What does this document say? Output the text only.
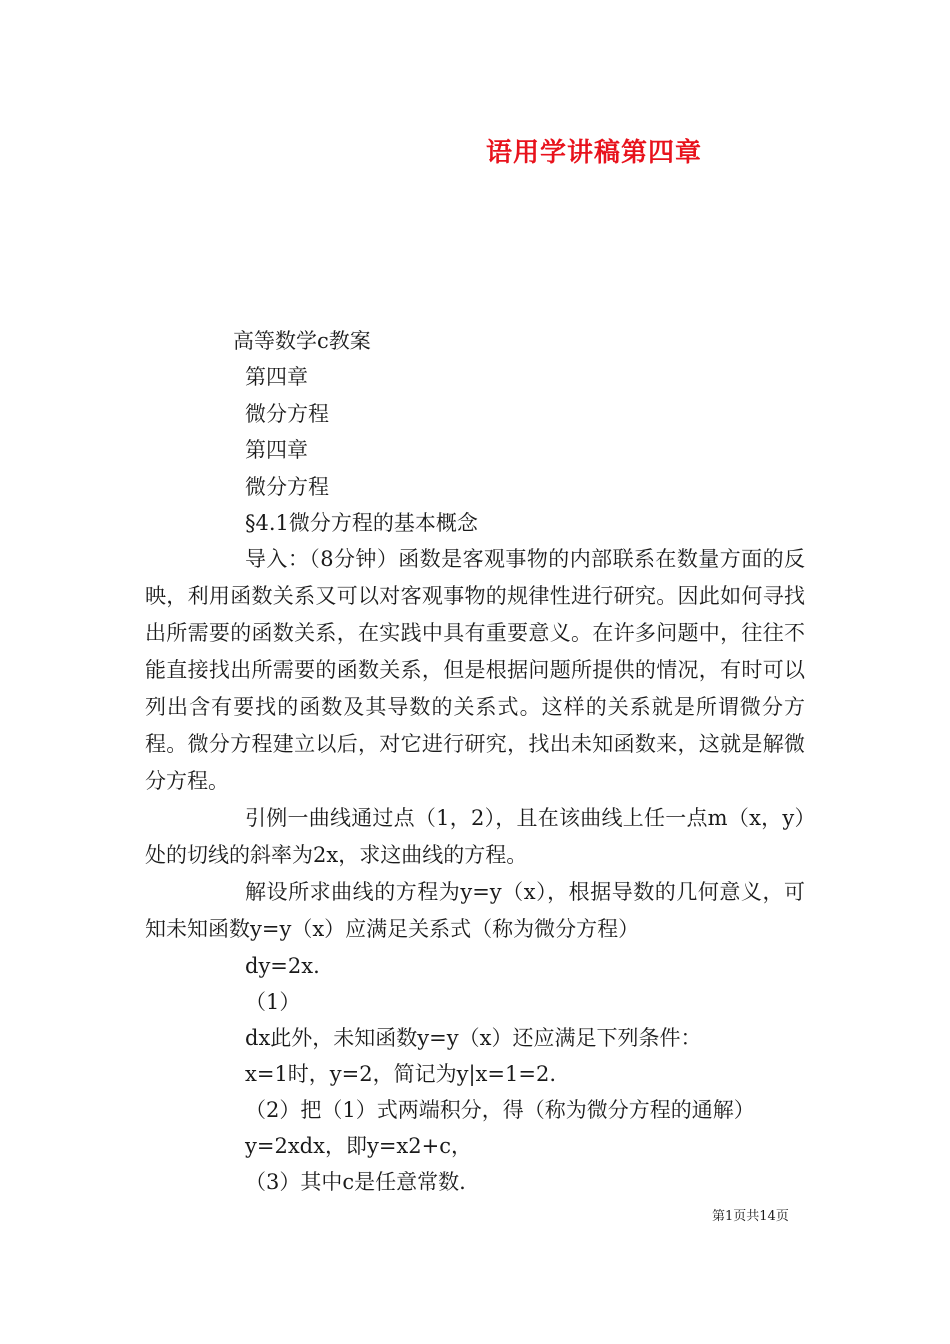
语用学讲稿第四章
高等数学c教案
第四章
微分方程
第四章
微分方程
§4.1微分方程的基本概念
导入：（8分钟）函数是客观事物的内部联系在数量方面的反映，利用函数关系又可以对客观事物的规律性进行研究。因此如何寻找出所需要的函数关系，在实践中具有重要意义。在许多问题中，往往不能直接找出所需要的函数关系，但是根据问题所提供的情况，有时可以列出含有要找的函数及其导数的关系式。这样的关系就是所谓微分方程。微分方程建立以后，对它进行研究，找出未知函数来，这就是解微分方程。
引例一曲线通过点（1，2），且在该曲线上任一点m（x，y）处的切线的斜率为2x，求这曲线的方程。
解设所求曲线的方程为y=y（x），根据导数的几何意义，可知未知函数y=y（x）应满足关系式（称为微分方程）
dy=2x.
（1）
dx此外，未知函数y=y（x）还应满足下列条件：
x=1时，y=2，简记为y|x=1=2.
（2）把（1）式两端积分，得（称为微分方程的通解）
y=2xdx，即y=x2+c，
（3）其中c是任意常数.
第1页共14页
